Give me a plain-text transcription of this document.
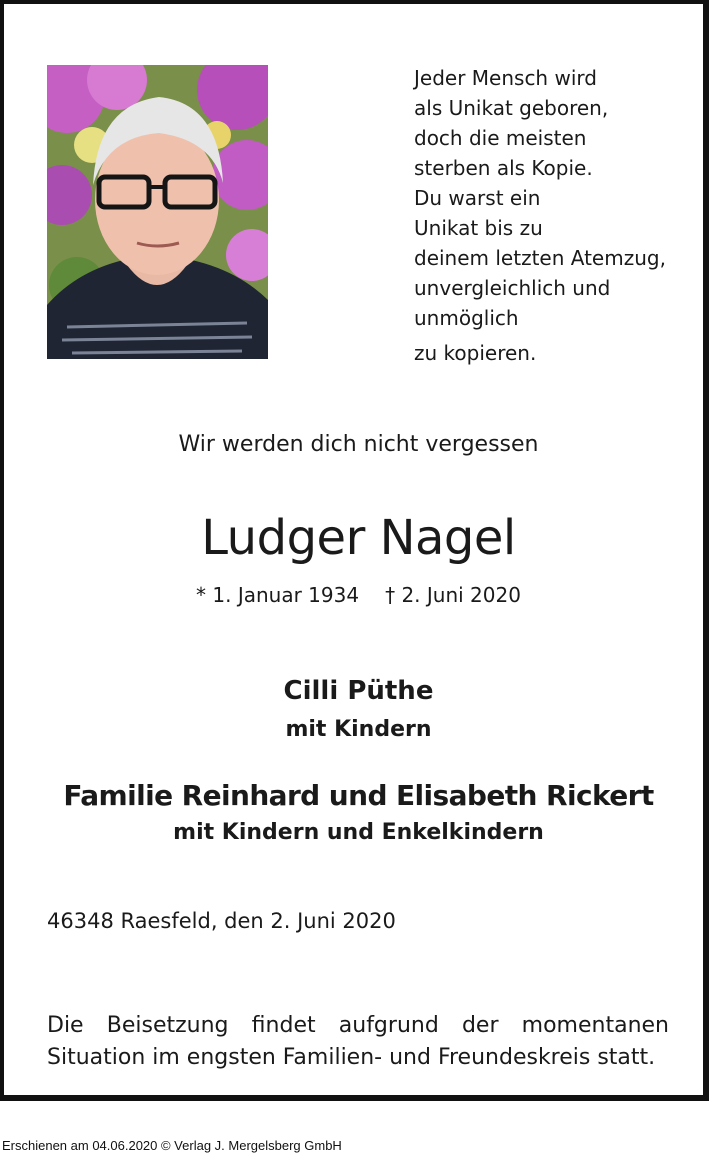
Jeder Mensch wird
als Unikat geboren,
doch die meisten
sterben als Kopie.
Du warst ein
Unikat bis zu
deinem letzten Atemzug,
unvergleichlich und
unmöglich
zu kopieren.
Wir werden dich nicht vergessen
Ludger Nagel
* 1. Januar 1934 † 2. Juni 2020
Cilli Püthe
mit Kindern
Familie Reinhard und Elisabeth Rickert
mit Kindern und Enkelkindern
46348 Raesfeld, den 2. Juni 2020
Die Beisetzung findet aufgrund der momentanen
Situation im engsten Familien- und Freundeskreis statt.
Erschienen am 04.06.2020 © Verlag J. Mergelsberg GmbH
